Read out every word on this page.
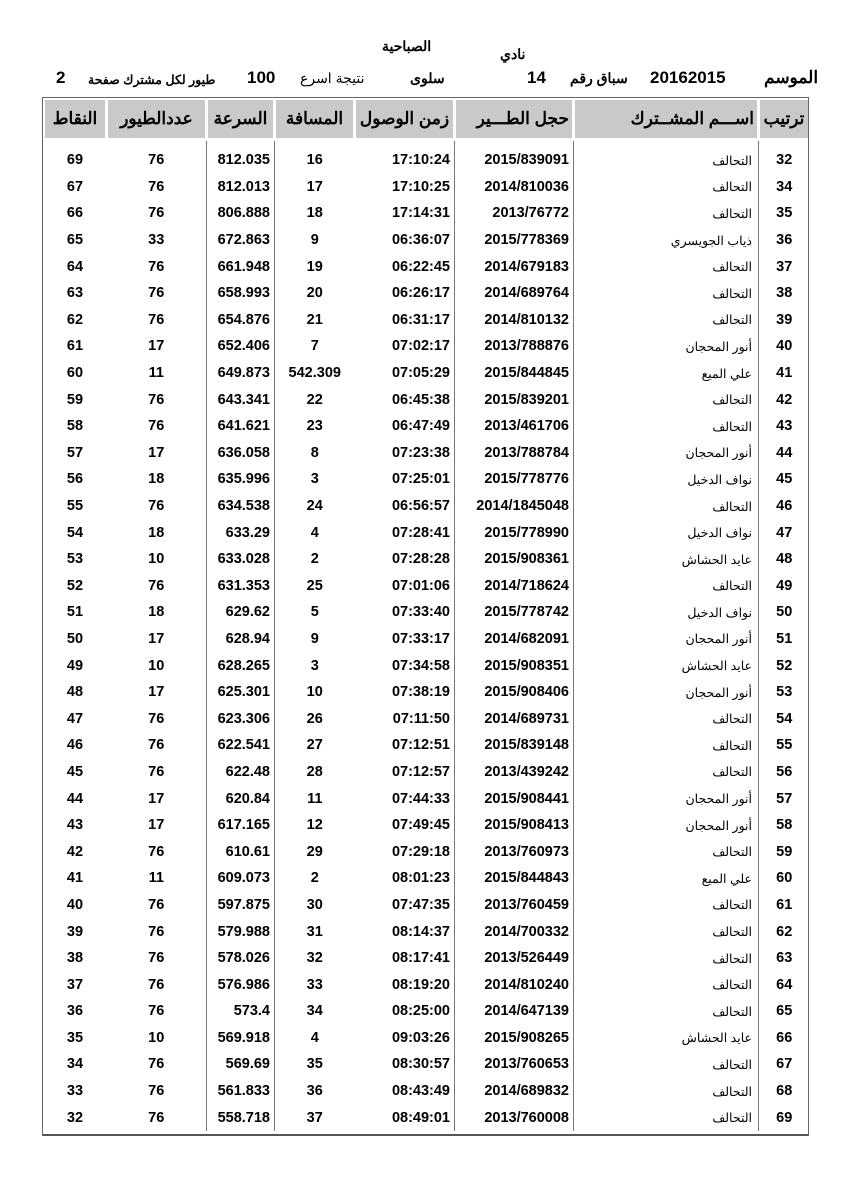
نادي
الصباحية
الموسم
20162015
سباق رقم
14
سلوى
نتيجة اسرع
100
طيور لكل مشترك صفحة
2
النقاط	عددالطيور	السرعة	المسافة	زمن الوصول	حجل الطـــير	اســـم المشــترك	ترتيب
69	76	812.035	16	17:10:24	2015/839091	التحالف	32
67	76	812.013	17	17:10:25	2014/810036	التحالف	34
66	76	806.888	18	17:14:31	2013/76772	التحالف	35
65	33	672.863	9	06:36:07	2015/778369	ذياب الجويسري	36
64	76	661.948	19	06:22:45	2014/679183	التحالف	37
63	76	658.993	20	06:26:17	2014/689764	التحالف	38
62	76	654.876	21	06:31:17	2014/810132	التحالف	39
61	17	652.406	7	07:02:17	2013/788876	أنور المحجان	40
60	11	649.873	542.309	07:05:29	2015/844845	علي الميع	41
59	76	643.341	22	06:45:38	2015/839201	التحالف	42
58	76	641.621	23	06:47:49	2013/461706	التحالف	43
57	17	636.058	8	07:23:38	2013/788784	أنور المحجان	44
56	18	635.996	3	07:25:01	2015/778776	نواف الدخيل	45
55	76	634.538	24	06:56:57	2014/1845048	التحالف	46
54	18	633.29	4	07:28:41	2015/778990	نواف الدخيل	47
53	10	633.028	2	07:28:28	2015/908361	عايد الحشاش	48
52	76	631.353	25	07:01:06	2014/718624	التحالف	49
51	18	629.62	5	07:33:40	2015/778742	نواف الدخيل	50
50	17	628.94	9	07:33:17	2014/682091	أنور المحجان	51
49	10	628.265	3	07:34:58	2015/908351	عايد الحشاش	52
48	17	625.301	10	07:38:19	2015/908406	أنور المحجان	53
47	76	623.306	26	07:11:50	2014/689731	التحالف	54
46	76	622.541	27	07:12:51	2015/839148	التحالف	55
45	76	622.48	28	07:12:57	2013/439242	التحالف	56
44	17	620.84	11	07:44:33	2015/908441	أنور المحجان	57
43	17	617.165	12	07:49:45	2015/908413	أنور المحجان	58
42	76	610.61	29	07:29:18	2013/760973	التحالف	59
41	11	609.073	2	08:01:23	2015/844843	علي الميع	60
40	76	597.875	30	07:47:35	2013/760459	التحالف	61
39	76	579.988	31	08:14:37	2014/700332	التحالف	62
38	76	578.026	32	08:17:41	2013/526449	التحالف	63
37	76	576.986	33	08:19:20	2014/810240	التحالف	64
36	76	573.4	34	08:25:00	2014/647139	التحالف	65
35	10	569.918	4	09:03:26	2015/908265	عايد الحشاش	66
34	76	569.69	35	08:30:57	2013/760653	التحالف	67
33	76	561.833	36	08:43:49	2014/689832	التحالف	68
32	76	558.718	37	08:49:01	2013/760008	التحالف	69
